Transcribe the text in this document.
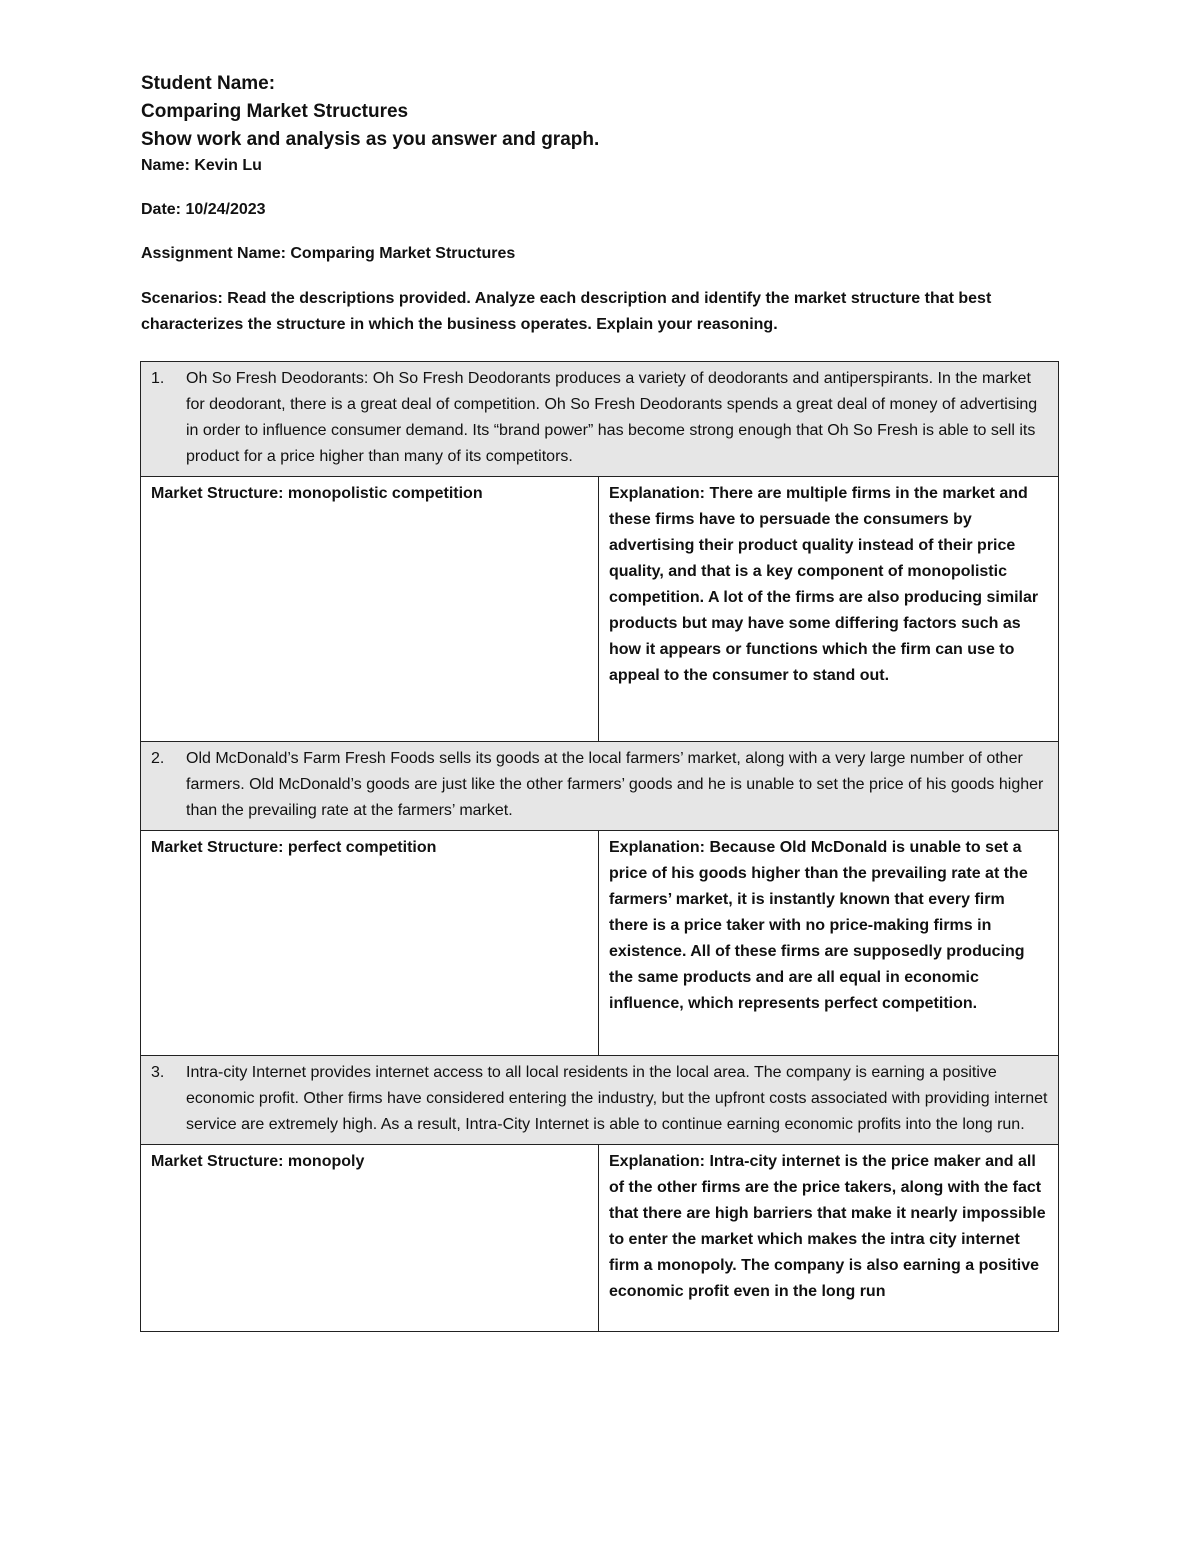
Student Name:

Comparing Market Structures

Show work and analysis as you answer and graph.

Name: Kevin Lu

Date: 10/24/2023

Assignment Name: Comparing Market Structures

Scenarios: Read the descriptions provided. Analyze each description and identify the market structure that best characterizes the structure in which the business operates. Explain your reasoning.

1. Oh So Fresh Deodorants: Oh So Fresh Deodorants produces a variety of deodorants and antiperspirants. In the market for deodorant, there is a great deal of competition. Oh So Fresh Deodorants spends a great deal of money of advertising in order to influence consumer demand. Its “brand power” has become strong enough that Oh So Fresh is able to sell its product for a price higher than many of its competitors.	

Market Structure: monopolistic competition	Explanation: There are multiple firms in the market and these firms have to persuade the consumers by advertising their product quality instead of their price quality, and that is a key component of monopolistic competition. A lot of the firms are also producing similar products but may have some differing factors such as how it appears or functions which the firm can use to appeal to the consumer to stand out.

2. Old McDonald’s Farm Fresh Foods sells its goods at the local farmers’ market, along with a very large number of other farmers. Old McDonald’s goods are just like the other farmers’ goods and he is unable to set the price of his goods higher than the prevailing rate at the farmers’ market.	

Market Structure: perfect competition	Explanation: Because Old McDonald is unable to set a price of his goods higher than the prevailing rate at the farmers’ market, it is instantly known that every firm there is a price taker with no price-making firms in existence. All of these firms are supposedly producing the same products and are all equal in economic influence, which represents perfect competition.

3. Intra-city Internet provides internet access to all local residents in the local area. The company is earning a positive economic profit. Other firms have considered entering the industry, but the upfront costs associated with providing internet service are extremely high. As a result, Intra-City Internet is able to continue earning economic profits into the long run.	

Market Structure: monopoly	Explanation: Intra-city internet is the price maker and all of the other firms are the price takers, along with the fact that there are high barriers that make it nearly impossible to enter the market which makes the intra city internet firm a monopoly. The company is also earning a positive economic profit even in the long run
